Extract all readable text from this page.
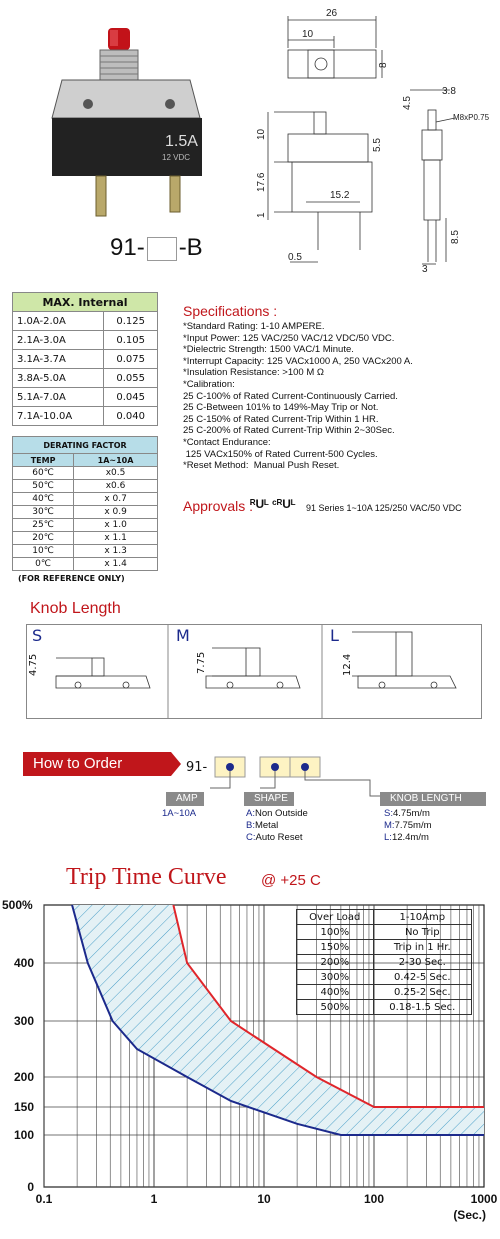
1.5A
12 VDC
91- -B
26
10
8
3.8
4.5
M8xP0.75
10
5.5
17.6
15.2
1
0.5
8.5
3
MAX. Internal	
1.0A-2.0A	0.125
2.1A-3.0A	0.105
3.1A-3.7A	0.075
3.8A-5.0A	0.055
5.1A-7.0A	0.045
7.1A-10.0A	0.040
DERATING FACTOR	
TEMP	1A~10A
60℃	x0.5
50℃	x0.6
40℃	x 0.7
30℃	x 0.9
25℃	x 1.0
20℃	x 1.1
10℃	x 1.3
0℃	x 1.4
(FOR REFERENCE ONLY)
Specifications :
*Standard Rating: 1-10 AMPERE.
*Input Power: 125 VAC/250 VAC/12 VDC/50 VDC.
*Dielectric Strength: 1500 VAC/1 Minute.
*Interrupt Capacity: 125 VACx1000 A, 250 VACx200 A.
*Insulation Resistance: >100 M Ω
*Calibration:
25 C-100% of Rated Current-Continuously Carried.
25 C-Between 101% to 149%-May Trip or Not.
25 C-150% of Rated Current-Trip Within 1 HR.
25 C-200% of Rated Current-Trip Within 2~30Sec.
*Contact Endurance:
125 VACx150% of Rated Current-500 Cycles.
*Reset Method:  Manual Push Reset.
Approvals :
ᴿUᴸ ᶜᴿUᴸ 91 Series 1~10A 125/250 VAC/50 VDC
Knob Length
S
4.75
M
7.75
L
12.4
How to Order	91-
AMP
1A~10A
SHAPE
A:Non Outside
B:Metal
C:Auto Reset
KNOB LENGTH
S:4.75m/m
M:7.75m/m
L:12.4m/m
Trip Time Curve @ +25 C
0
100
150
200
300
400
500%
0.1	1	10	100	1000
(Sec.)
Over Load	1-10Amp
100%	No Trip
150%	Trip in 1 Hr.
200%	2-30 Sec.
300%	0.42-5 Sec.
400%	0.25-2 Sec.
500%	0.18-1.5 Sec.
